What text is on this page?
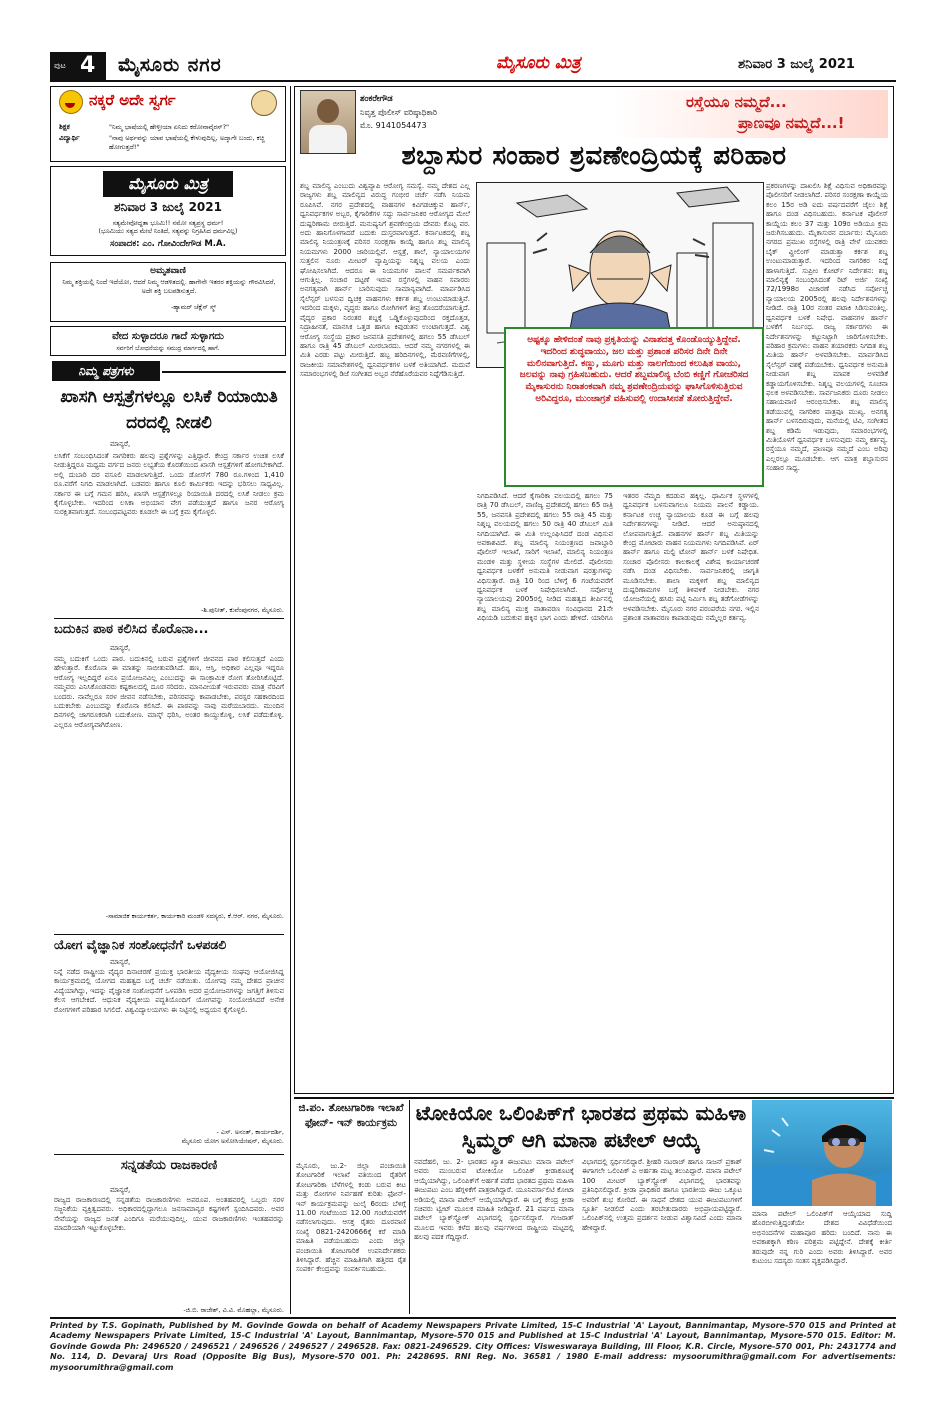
ಪುಟ 4 ಮೈಸೂರು ನಗರ	ಮೈಸೂರು ಮಿತ್ರ	ಶನಿವಾರ 3 ಜುಲೈ 2021
ನಕ್ಕರೆ ಅದೇ ಸ್ವರ್ಗ
ಶಿಕ್ಷಕ	"ನಿಮ್ಮ ಭಾಷೆಯಲ್ಲಿ ಹೇಳ್ತೀಯಾ ಏನಿದು ಕರೋನಾವೈರಸ್?"
ವಿದ್ಯಾರ್ಥಿ	"ನಾವು ಅರ್ಥವನ್ನು ಯಾವ ಭಾಷೆಯಲ್ಲಿ ಕೇಳುವುದಿಲ್ಲ, ಅದ್ಕಾಗೇ ಬಂದು, ಕಚ್ಚಿ ಹೋಗುತ್ತದೆ!"
ಮೈಸೂರು ಮಿತ್ರ
ಶನಿವಾರ 3 ಜುಲೈ 2021
ಸತ್ಯಮೇವೋದ್ಧತಾ ಭೂಮಿ!! ನಮೋ ಸತ್ಯಪ್ರಸ್ಥ ಧರ್ಮ!
(ಭೂಮಿಯು ಸತ್ಯದ ಮೇಲೆ ನಿಂತಿದೆ, ಸತ್ಯವನ್ನು ನಿಗ್ರಹಿಸಿದ ಧರ್ಮವಿಲ್ಲ)
ಸಂಪಾದಕ: ಎಂ. ಗೋವಿಂದೇಗೌಡ M.A.
ಅಮೃತವಾಣಿ
ನಿಮ್ಮ ಶಕ್ತಿಯಲ್ಲಿ ನಿಂದೆ ಇದೆಯೋ, ಆದರೆ ನಿಮ್ಮ ಆಡಳಿತದಲ್ಲಿ. ಹಾಗೇನೇ ಇತರರ ಶಕ್ತಿಯನ್ನು ಗೌರವಿಸಿದರೆ, ಅದೇ ಶಕ್ತಿ ಬಲಪಡಿಸುತ್ತದೆ.
-ಹ್ಯಾಮರ್ ಚೆಕ್ಲೆಸ್ ಸ್ಮ್
ವೇದ ಸುಳ್ಳಾದರೂ ಗಾದೆ ಸುಳ್ಳಾಗದು
ಸರ್ವರಿಗೆ ಬೋಧನೆಯನ್ನು ಸಮುದ್ರ ಮಾರ್ಗದಲ್ಲಿ ಹಾಗೆ.
ನಿಮ್ಮ ಪತ್ರಗಳು
ಖಾಸಗಿ ಆಸ್ಪತ್ರೆಗಳಲ್ಲೂ ಲಸಿಕೆ ರಿಯಾಯಿತಿ ದರದಲ್ಲಿ ನೀಡಲಿ
ಮಾನ್ಯರೆ,
ಲಸಿಕೆಗೆ ಸಂಬಂಧಿಸಿದಂತೆ ನಾಗರಿಕರು ಹಲವು ಪ್ರಶ್ನೆಗಳನ್ನು ಎತ್ತಿದ್ದಾರೆ. ಕೇಂದ್ರ ಸರ್ಕಾರ ಉಚಿತ ಲಸಿಕೆ ನೀಡುತ್ತಿದ್ದರೂ ಮಧ್ಯಮ ವರ್ಗದ ಜನರು ಲಭ್ಯತೆಯ ಕೊರತೆಯಿಂದ ಖಾಸಗಿ ಆಸ್ಪತ್ರೆಗಳಿಗೆ ಹೋಗಬೇಕಾಗಿದೆ. ಅಲ್ಲಿ ದುಬಾರಿ ದರ ವಸೂಲಿ ಮಾಡಲಾಗುತ್ತಿದೆ. ಒಂದು ಡೋಸ್‌ಗೆ 780 ರೂ.ಗಳಿಂದ 1,410 ರೂ.ವರೆಗೆ ನಿಗದಿ ಮಾಡಲಾಗಿದೆ. ಬಡವರು ಹಾಗೂ ಕೂಲಿ ಕಾರ್ಮಿಕರು ಇದನ್ನು ಭರಿಸಲು ಸಾಧ್ಯವಿಲ್ಲ. ಸರ್ಕಾರ ಈ ಬಗ್ಗೆ ಗಮನ ಹರಿಸಿ, ಖಾಸಗಿ ಆಸ್ಪತ್ರೆಗಳಲ್ಲೂ ರಿಯಾಯಿತಿ ದರದಲ್ಲಿ ಲಸಿಕೆ ನೀಡಲು ಕ್ರಮ ಕೈಗೊಳ್ಳಬೇಕು. ಇದರಿಂದ ಲಸಿಕಾ ಅಭಿಯಾನ ವೇಗ ಪಡೆಯುತ್ತದೆ ಹಾಗೂ ಜನರ ಆರೋಗ್ಯ ಸುರಕ್ಷಿತವಾಗುತ್ತದೆ. ಸಂಬಂಧಪಟ್ಟವರು ಕೂಡಲೇ ಈ ಬಗ್ಗೆ ಕ್ರಮ ಕೈಗೊಳ್ಳಲಿ.
-ಶಿ.ಪುನೀತ್, ಕುವೆಂಪುನಗರ, ಮೈಸೂರು.
ಬದುಕಿನ ಪಾಠ ಕಲಿಸಿದ ಕೊರೊನಾ...
ಮಾನ್ಯರೆ,
ನಮ್ಮ ಬದುಕಿಗೆ ಒಂದು ಪಾಠ. ಬದುಕಿನಲ್ಲಿ ಬರುವ ಪ್ರಶ್ನೆಗಳಿಗೆ ಜೀವನದ ಪಾಠ ಕಲಿಸುತ್ತದೆ ಎಂದು ಹೇಳುತ್ತಾರೆ. ಕೊರೊನಾ ಈ ಮಾತನ್ನು ಸಾಬೀತುಪಡಿಸಿದೆ. ಹಣ, ಆಸ್ತಿ, ಅಧಿಕಾರ ಎಲ್ಲವೂ ಇದ್ದರೂ ಆರೋಗ್ಯ ಇಲ್ಲದಿದ್ದರೆ ಏನೂ ಪ್ರಯೋಜನವಿಲ್ಲ ಎಂಬುದನ್ನು ಈ ಸಾಂಕ್ರಾಮಿಕ ರೋಗ ತೋರಿಸಿಕೊಟ್ಟಿದೆ. ನಮ್ಮವರು ಎನಿಸಿಕೊಂಡವರು ಕಷ್ಟಕಾಲದಲ್ಲಿ ದೂರ ಸರಿದರು. ಮಾನವೀಯತೆ ಇರುವವರು ಮಾತ್ರ ನೆರವಿಗೆ ಬಂದರು. ನಾವೆಲ್ಲರೂ ಸರಳ ಜೀವನ ನಡೆಸಬೇಕು, ಪರಿಸರವನ್ನು ಕಾಪಾಡಬೇಕು, ಪರಸ್ಪರ ಸಹಕಾರದಿಂದ ಬದುಕಬೇಕು ಎಂಬುದನ್ನು ಕೊರೊನಾ ಕಲಿಸಿದೆ. ಈ ಪಾಠವನ್ನು ನಾವು ಮರೆಯಬಾರದು. ಮುಂದಿನ ದಿನಗಳಲ್ಲಿ ಜಾಗರೂಕರಾಗಿ ಬದುಕೋಣ. ಮಾಸ್ಕ್ ಧರಿಸಿ, ಅಂತರ ಕಾಯ್ದುಕೊಳ್ಳಿ, ಲಸಿಕೆ ಪಡೆದುಕೊಳ್ಳಿ. ಎಲ್ಲರೂ ಆರೋಗ್ಯವಾಗಿರೋಣ.
-ಸಾಮಾಜಿಕ ಕಾರ್ಯಕರ್ತ, ಕಾರ್ಯಕಾರಿ ಮಂಡಳಿ ಸದಸ್ಯರು, ಕೆ.ಆರ್. ನಗರ, ಮೈಸೂರು.
ಯೋಗ ವೈಜ್ಞಾನಿಕ ಸಂಶೋಧನೆಗೆ ಒಳಪಡಲಿ
ಮಾನ್ಯರೆ,
ನಿನ್ನೆ ನಡೆದ ರಾಷ್ಟ್ರೀಯ ವೈದ್ಯರ ದಿನಾಚರಣೆ ಪ್ರಯುಕ್ತ ಭಾರತೀಯ ವೈದ್ಯಕೀಯ ಸಂಘವು ಆಯೋಜಿಸಿದ್ದ ಕಾರ್ಯಕ್ರಮದಲ್ಲಿ ಯೋಗದ ಮಹತ್ವದ ಬಗ್ಗೆ ಚರ್ಚೆ ನಡೆಯಿತು. ಯೋಗವು ನಮ್ಮ ದೇಶದ ಪ್ರಾಚೀನ ವಿದ್ಯೆಯಾಗಿದ್ದು, ಇದನ್ನು ವೈಜ್ಞಾನಿಕ ಸಂಶೋಧನೆಗೆ ಒಳಪಡಿಸಿ ಅದರ ಪ್ರಯೋಜನಗಳನ್ನು ಜಗತ್ತಿಗೆ ತಿಳಿಸುವ ಕೆಲಸ ಆಗಬೇಕಿದೆ. ಆಧುನಿಕ ವೈದ್ಯಕೀಯ ಪದ್ಧತಿಯೊಂದಿಗೆ ಯೋಗವನ್ನು ಸಂಯೋಜಿಸಿದರೆ ಅನೇಕ ರೋಗಗಳಿಗೆ ಪರಿಹಾರ ಸಿಗಲಿದೆ. ವಿಶ್ವವಿದ್ಯಾಲಯಗಳು ಈ ನಿಟ್ಟಿನಲ್ಲಿ ಅಧ್ಯಯನ ಕೈಗೊಳ್ಳಲಿ.
- ಎಸ್. ಅನಂತ್, ಕಾರ್ಯದರ್ಶಿ,
ಮೈಸೂರು ಯೋಗ ಅಸೋಸಿಯೇಷನ್, ಮೈಸೂರು.
ಸನ್ನಡತೆಯ ರಾಜಕಾರಣಿ
ಮಾನ್ಯರೆ,
ರಾಜ್ಯದ ರಾಜಕಾರಣದಲ್ಲಿ ಸನ್ನಡತೆಯ ರಾಜಕಾರಣಿಗಳು ಅಪರೂಪ. ಅಂತಹವರಲ್ಲಿ ಒಬ್ಬರು ಸರಳ ಸಜ್ಜನಿಕೆಯ ವ್ಯಕ್ತಿತ್ವದವರು. ಅಧಿಕಾರದಲ್ಲಿದ್ದಾಗಲೂ ಜನಸಾಮಾನ್ಯರ ಕಷ್ಟಗಳಿಗೆ ಸ್ಪಂದಿಸಿದವರು. ಅವರ ಸೇವೆಯನ್ನು ರಾಜ್ಯದ ಜನತೆ ಎಂದಿಗೂ ಮರೆಯುವುದಿಲ್ಲ. ಯುವ ರಾಜಕಾರಣಿಗಳು ಇಂತಹವರನ್ನು ಮಾದರಿಯಾಗಿ ಇಟ್ಟುಕೊಳ್ಳಬೇಕು.
-ಜಿ.ಬಿ. ರಾಜೇಶ್, ವಿ.ವಿ. ಮೊಹಲ್ಲಾ, ಮೈಸೂರು.
ಶಂಕರೇಗೌಡ
ನಿವೃತ್ತ ಪೊಲೀಸ್ ವರಿಷ್ಠಾಧಿಕಾರಿ
ಮೊ. 9141054473
ರಸ್ತೆಯೂ ನಮ್ಮದೆ...
ಪ್ರಾಣವೂ ನಮ್ಮದೆ...!
ಶಬ್ದಾಸುರ ಸಂಹಾರ ಶ್ರವಣೇಂದ್ರಿಯಕ್ಕೆ ಪರಿಹಾರ
ಅಷ್ಟಕ್ಕೂ ಹೇಳಿದಂತೆ ನಾವು ಪ್ರಕೃತಿಯನ್ನು ವಿನಾಶದತ್ತ ಕೊಂಡೊಯ್ಯುತ್ತಿದ್ದೇವೆ. ಇದರಿಂದ ಶುದ್ಧವಾಯು, ಜಲ ಮತ್ತು ಪ್ರಶಾಂತ ಪರಿಸರ ದಿನೇ ದಿನೇ ಮಲಿನವಾಗುತ್ತಿದೆ. ಕಣ್ಣು, ಮೂಗು ಮತ್ತು ನಾಲಗೆಯಿಂದ ಕಲುಷಿತ ವಾಯು, ಜಲವನ್ನು ನಾವು ಗ್ರಹಿಸಬಹುದು. ಆದರೆ ಶಬ್ದಮಾಲಿನ್ಯ ಬೆಂಬಿ ಕಣ್ಣಿಗೆ ಗೋಚರಿಸದ ಮೈಕಾಸುರನು ನಿರಾತಂಕವಾಗಿ ನಮ್ಮ ಶ್ರವಣೇಂದ್ರಿಯವನ್ನು ಘಾಸಿಗೊಳಿಸುತ್ತಿರುವ ಅರಿವಿದ್ದರೂ, ಮುಂಜಾಗ್ರತೆ ವಹಿಸುವಲ್ಲಿ ಉದಾಸೀನತೆ ತೋರುತ್ತಿದ್ದೇವೆ.
ಶಬ್ದ ಮಾಲಿನ್ಯ ಎಂಬುದು ವಿಶ್ವವ್ಯಾಪಿ ಆರೋಗ್ಯ ಸಮಸ್ಯೆ. ನಮ್ಮ ದೇಶದ ಎಲ್ಲ ರಾಜ್ಯಗಳು ಶಬ್ದ ಮಾಲಿನ್ಯದ ವಿರುದ್ಧ ಗಂಭೀರ ಚರ್ಚೆ ನಡೆಸಿ ನಿಯಮ ರೂಪಿಸಿವೆ. ನಗರ ಪ್ರದೇಶದಲ್ಲಿ ವಾಹನಗಳ ಕಿವಿಗಡಚಿಕ್ಕುವ ಹಾರ್ನ್, ಧ್ವನಿವರ್ಧಕಗಳ ಅಬ್ಬರ, ಕೈಗಾರಿಕೆಗಳ ಸದ್ದು ಸಾರ್ವಜನಿಕರ ಆರೋಗ್ಯದ ಮೇಲೆ ದುಷ್ಪರಿಣಾಮ ಬೀರುತ್ತಿದೆ. ಮನುಷ್ಯನಿಗೆ ಶ್ರವಣೇಂದ್ರಿಯ ದೇವರು ಕೊಟ್ಟ ವರ. ಅದು ಹಾನಿಗೊಳಗಾದರೆ ಬದುಕು ದುಸ್ತರವಾಗುತ್ತದೆ. ಕರ್ನಾಟಕದಲ್ಲಿ ಶಬ್ದ ಮಾಲಿನ್ಯ ನಿಯಂತ್ರಣಕ್ಕೆ ಪರಿಸರ ಸಂರಕ್ಷಣಾ ಕಾಯ್ದೆ ಹಾಗೂ ಶಬ್ದ ಮಾಲಿನ್ಯ ನಿಯಮಗಳು 2000 ಜಾರಿಯಲ್ಲಿವೆ. ಆಸ್ಪತ್ರೆ, ಶಾಲೆ, ನ್ಯಾಯಾಲಯಗಳ ಸುತ್ತಲಿನ ನೂರು ಮೀಟರ್ ವ್ಯಾಪ್ತಿಯನ್ನು ನಿಶ್ಶಬ್ದ ವಲಯ ಎಂದು ಘೋಷಿಸಲಾಗಿದೆ. ಆದರೂ ಈ ನಿಯಮಗಳ ಪಾಲನೆ ಸಮರ್ಪಕವಾಗಿ ಆಗುತ್ತಿಲ್ಲ. ಸಂಚಾರ ದಟ್ಟಣೆ ಇರುವ ರಸ್ತೆಗಳಲ್ಲಿ ವಾಹನ ಸವಾರರು ಅನಗತ್ಯವಾಗಿ ಹಾರ್ನ್ ಬಾರಿಸುವುದು ಸಾಮಾನ್ಯವಾಗಿದೆ. ಮಾರ್ಪಡಿಸಿದ ಸೈಲೆನ್ಸರ್ ಬಳಸುವ ದ್ವಿಚಕ್ರ ವಾಹನಗಳು ಕರ್ಕಶ ಶಬ್ದ ಉಂಟುಮಾಡುತ್ತಿವೆ. ಇದರಿಂದ ಮಕ್ಕಳು, ವೃದ್ಧರು ಹಾಗೂ ರೋಗಿಗಳಿಗೆ ತೀವ್ರ ತೊಂದರೆಯಾಗುತ್ತಿದೆ. ವೈದ್ಯರ ಪ್ರಕಾರ ನಿರಂತರ ಶಬ್ದಕ್ಕೆ ಒಡ್ಡಿಕೊಳ್ಳುವುದರಿಂದ ರಕ್ತದೊತ್ತಡ, ನಿದ್ರಾಹೀನತೆ, ಮಾನಸಿಕ ಒತ್ತಡ ಹಾಗೂ ಕಿವುಡುತನ ಉಂಟಾಗುತ್ತದೆ. ವಿಶ್ವ ಆರೋಗ್ಯ ಸಂಸ್ಥೆಯ ಪ್ರಕಾರ ಜನವಸತಿ ಪ್ರದೇಶಗಳಲ್ಲಿ ಹಗಲು 55 ಡೆಸಿಬಲ್ ಹಾಗೂ ರಾತ್ರಿ 45 ಡೆಸಿಬಲ್ ಮೀರಬಾರದು. ಆದರೆ ನಮ್ಮ ನಗರಗಳಲ್ಲಿ ಈ ಮಿತಿ ಎರಡು ಪಟ್ಟು ಮೀರುತ್ತಿದೆ. ಹಬ್ಬ ಹರಿದಿನಗಳಲ್ಲಿ, ಮೆರವಣಿಗೆಗಳಲ್ಲಿ, ರಾಜಕೀಯ ಸಮಾವೇಶಗಳಲ್ಲಿ ಧ್ವನಿವರ್ಧಕಗಳ ಬಳಕೆ ಅತಿಯಾಗಿದೆ. ಮದುವೆ ಸಮಾರಂಭಗಳಲ್ಲಿ ಡಿಜೆ ಸಂಗೀತದ ಅಬ್ಬರ ನೆರೆಹೊರೆಯವರ ನಿದ್ದೆಗೆಡಿಸುತ್ತಿದೆ.
ನಿಗದಿಪಡಿಸಿದೆ. ಆದರೆ ಕೈಗಾರಿಕಾ ವಲಯದಲ್ಲಿ ಹಗಲು 75 ರಾತ್ರಿ 70 ಡೆಸಿಬಲ್, ವಾಣಿಜ್ಯ ಪ್ರದೇಶದಲ್ಲಿ ಹಗಲು 65 ರಾತ್ರಿ 55, ಜನವಸತಿ ಪ್ರದೇಶದಲ್ಲಿ ಹಗಲು 55 ರಾತ್ರಿ 45 ಮತ್ತು ನಿಶ್ಶಬ್ದ ವಲಯದಲ್ಲಿ ಹಗಲು 50 ರಾತ್ರಿ 40 ಡೆಸಿಬಲ್ ಮಿತಿ ನಿಗದಿಯಾಗಿದೆ. ಈ ಮಿತಿ ಉಲ್ಲಂಘಿಸಿದರೆ ದಂಡ ವಿಧಿಸುವ ಅವಕಾಶವಿದೆ. ಶಬ್ದ ಮಾಲಿನ್ಯ ನಿಯಂತ್ರಣದ ಜವಾಬ್ದಾರಿ ಪೊಲೀಸ್ ಇಲಾಖೆ, ಸಾರಿಗೆ ಇಲಾಖೆ, ಮಾಲಿನ್ಯ ನಿಯಂತ್ರಣ ಮಂಡಳಿ ಮತ್ತು ಸ್ಥಳೀಯ ಸಂಸ್ಥೆಗಳ ಮೇಲಿದೆ. ಪೊಲೀಸರು ಧ್ವನಿವರ್ಧಕ ಬಳಕೆಗೆ ಅನುಮತಿ ನೀಡುವಾಗ ಷರತ್ತುಗಳನ್ನು ವಿಧಿಸುತ್ತಾರೆ. ರಾತ್ರಿ 10 ರಿಂದ ಬೆಳಿಗ್ಗೆ 6 ಗಂಟೆಯವರೆಗೆ ಧ್ವನಿವರ್ಧಕ ಬಳಕೆ ನಿಷೇಧಿಸಲಾಗಿದೆ. ಸರ್ವೋಚ್ಚ ನ್ಯಾಯಾಲಯವು 2005ರಲ್ಲಿ ನೀಡಿದ ಮಹತ್ವದ ತೀರ್ಪಿನಲ್ಲಿ ಶಬ್ದ ಮಾಲಿನ್ಯ ಮುಕ್ತ ವಾತಾವರಣ ಸಂವಿಧಾನದ 21ನೇ ವಿಧಿಯಡಿ ಬದುಕುವ ಹಕ್ಕಿನ ಭಾಗ ಎಂದು ಹೇಳಿದೆ. ಯಾರಿಗೂ ಇತರರ ನೆಮ್ಮದಿ ಕದಡುವ ಹಕ್ಕಿಲ್ಲ. ಧಾರ್ಮಿಕ ಸ್ಥಳಗಳಲ್ಲಿ ಧ್ವನಿವರ್ಧಕ ಬಳಸುವಾಗಲೂ ನಿಯಮ ಪಾಲನೆ ಕಡ್ಡಾಯ. ಕರ್ನಾಟಕ ಉಚ್ಚ ನ್ಯಾಯಾಲಯ ಕೂಡ ಈ ಬಗ್ಗೆ ಹಲವು ನಿರ್ದೇಶನಗಳನ್ನು ನೀಡಿದೆ. ಆದರೆ ಅನುಷ್ಠಾನದಲ್ಲಿ ಲೋಪವಾಗುತ್ತಿದೆ. ವಾಹನಗಳ ಹಾರ್ನ್ ಶಬ್ದ ಮಿತಿಯನ್ನು ಕೇಂದ್ರ ಮೋಟಾರು ವಾಹನ ನಿಯಮಗಳು ನಿಗದಿಪಡಿಸಿವೆ. ಏರ್ ಹಾರ್ನ್ ಹಾಗೂ ಮಲ್ಟಿ ಟೋನ್ ಹಾರ್ನ್ ಬಳಕೆ ನಿಷೇಧಿತ. ಸಂಚಾರ ಪೊಲೀಸರು ಕಾಲಕಾಲಕ್ಕೆ ವಿಶೇಷ ಕಾರ್ಯಾಚರಣೆ ನಡೆಸಿ ದಂಡ ವಿಧಿಸಬೇಕು. ಸಾರ್ವಜನಿಕರಲ್ಲಿ ಜಾಗೃತಿ ಮೂಡಿಸಬೇಕು. ಶಾಲಾ ಮಕ್ಕಳಿಗೆ ಶಬ್ದ ಮಾಲಿನ್ಯದ ದುಷ್ಪರಿಣಾಮಗಳ ಬಗ್ಗೆ ತಿಳಿವಳಿಕೆ ನೀಡಬೇಕು. ನಗರ ಯೋಜನೆಯಲ್ಲಿ ಹಸಿರು ಪಟ್ಟಿ ನಿರ್ಮಿಸಿ ಶಬ್ದ ತಡೆಗೋಡೆಗಳನ್ನು ಅಳವಡಿಸಬೇಕು. ಮೈಸೂರು ನಗರ ಪರಂಪರೆಯ ನಗರ. ಇಲ್ಲಿನ ಪ್ರಶಾಂತ ವಾತಾವರಣ ಕಾಪಾಡುವುದು ನಮ್ಮೆಲ್ಲರ ಕರ್ತವ್ಯ.
ಪ್ರಕರಣಗಳನ್ನು ದಾಖಲಿಸಿ ಶಿಕ್ಷೆ ವಿಧಿಸುವ ಅಧಿಕಾರವನ್ನು ಪೊಲೀಸರಿಗೆ ನೀಡಲಾಗಿದೆ. ಪರಿಸರ ಸಂರಕ್ಷಣಾ ಕಾಯ್ದೆಯ ಕಲಂ 15ರ ಅಡಿ ಐದು ವರ್ಷದವರೆಗೆ ಜೈಲು ಶಿಕ್ಷೆ ಹಾಗೂ ದಂಡ ವಿಧಿಸಬಹುದು. ಕರ್ನಾಟಕ ಪೊಲೀಸ್ ಕಾಯ್ದೆಯ ಕಲಂ 37 ಮತ್ತು 109ರ ಅಡಿಯೂ ಕ್ರಮ ಜರುಗಿಸಬಹುದು. ಮೈಕಾಸುರನ ದರ್ಬಾರು: ಮೈಸೂರು ನಗರದ ಪ್ರಮುಖ ರಸ್ತೆಗಳಲ್ಲಿ ರಾತ್ರಿ ವೇಳೆ ಯುವಕರು ಬೈಕ್ ವ್ಹೀಲಿಂಗ್ ಮಾಡುತ್ತಾ ಕರ್ಕಶ ಶಬ್ದ ಉಂಟುಮಾಡುತ್ತಾರೆ. ಇದರಿಂದ ನಾಗರಿಕರ ನಿದ್ದೆ ಹಾಳಾಗುತ್ತಿದೆ. ಸುಪ್ರೀಂ ಕೋರ್ಟ್ ನಿರ್ದೇಶನ: ಶಬ್ದ ಮಾಲಿನ್ಯಕ್ಕೆ ಸಂಬಂಧಿಸಿದಂತೆ ರಿಟ್ ಅರ್ಜಿ ಸಂಖ್ಯೆ 72/1998ರ ವಿಚಾರಣೆ ನಡೆಸಿದ ಸರ್ವೋಚ್ಚ ನ್ಯಾಯಾಲಯ 2005ರಲ್ಲಿ ಹಲವು ನಿರ್ದೇಶನಗಳನ್ನು ನೀಡಿದೆ. ರಾತ್ರಿ 10ರ ನಂತರ ಪಟಾಕಿ ಸಿಡಿಸುವಂತಿಲ್ಲ. ಧ್ವನಿವರ್ಧಕ ಬಳಕೆ ನಿಷೇಧ. ವಾಹನಗಳ ಹಾರ್ನ್ ಬಳಕೆಗೆ ನಿರ್ಬಂಧ. ರಾಜ್ಯ ಸರ್ಕಾರಗಳು ಈ ನಿರ್ದೇಶನಗಳನ್ನು ಕಟ್ಟುನಿಟ್ಟಾಗಿ ಜಾರಿಗೊಳಿಸಬೇಕು. ಪರಿಹಾರ ಕ್ರಮಗಳು: ವಾಹನ ತಯಾರಕರು ನಿಗದಿತ ಶಬ್ದ ಮಿತಿಯ ಹಾರ್ನ್ ಅಳವಡಿಸಬೇಕು. ಮಾರ್ಪಡಿಸಿದ ಸೈಲೆನ್ಸರ್ ವಶಕ್ಕೆ ಪಡೆಯಬೇಕು. ಧ್ವನಿವರ್ಧಕ ಅನುಮತಿ ನೀಡುವಾಗ ಶಬ್ದ ಮಾಪಕ ಅಳವಡಿಕೆ ಕಡ್ಡಾಯಗೊಳಿಸಬೇಕು. ನಿಶ್ಶಬ್ದ ವಲಯಗಳಲ್ಲಿ ಸೂಚನಾ ಫಲಕ ಅಳವಡಿಸಬೇಕು. ಸಾರ್ವಜನಿಕರು ದೂರು ನೀಡಲು ಸಹಾಯವಾಣಿ ಆರಂಭಿಸಬೇಕು. ಶಬ್ದ ಮಾಲಿನ್ಯ ತಡೆಯುವಲ್ಲಿ ನಾಗರಿಕರ ಪಾತ್ರವೂ ಮುಖ್ಯ. ಅನಗತ್ಯ ಹಾರ್ನ್ ಬಳಸದಿರುವುದು, ಮನೆಯಲ್ಲಿ ಟಿವಿ, ಸಂಗೀತದ ಶಬ್ದ ಕಡಿಮೆ ಇಡುವುದು, ಸಮಾರಂಭಗಳಲ್ಲಿ ಮಿತಿಯೊಳಗೆ ಧ್ವನಿವರ್ಧಕ ಬಳಸುವುದು ನಮ್ಮ ಕರ್ತವ್ಯ. ರಸ್ತೆಯೂ ನಮ್ಮದೆ, ಪ್ರಾಣವೂ ನಮ್ಮದೆ ಎಂಬ ಅರಿವು ಎಲ್ಲರಲ್ಲೂ ಮೂಡಬೇಕು. ಆಗ ಮಾತ್ರ ಶಬ್ದಾಸುರನ ಸಂಹಾರ ಸಾಧ್ಯ.
ಜಿ.ಪಂ. ತೋಟಗಾರಿಕಾ ಇಲಾಖೆ ಫೋನ್- ಇನ್ ಕಾರ್ಯಕ್ರಮ
ಮೈಸೂರು, ಜು.2- ಜಿಲ್ಲಾ ಪಂಚಾಯಿತಿ ತೋಟಗಾರಿಕೆ ಇಲಾಖೆ ವತಿಯಿಂದ ರೈತರಿಗೆ ತೋಟಗಾರಿಕಾ ಬೆಳೆಗಳಲ್ಲಿ ಕಂಡು ಬರುವ ಕೀಟ ಮತ್ತು ರೋಗಗಳ ನಿರ್ವಹಣೆ ಕುರಿತು ಫೋನ್-ಇನ್ ಕಾರ್ಯಕ್ರಮವನ್ನು ಜುಲೈ 6ರಂದು ಬೆಳಿಗ್ಗೆ 11.00 ಗಂಟೆಯಿಂದ 12.00 ಗಂಟೆಯವರೆಗೆ ನಡೆಸಲಾಗುವುದು. ಆಸಕ್ತ ರೈತರು ದೂರವಾಣಿ ಸಂಖ್ಯೆ 0821-2420666ಕ್ಕೆ ಕರೆ ಮಾಡಿ ಮಾಹಿತಿ ಪಡೆಯಬಹುದು ಎಂದು ಜಿಲ್ಲಾ ಪಂಚಾಯಿತಿ ತೋಟಗಾರಿಕೆ ಉಪನಿರ್ದೇಶಕರು ತಿಳಿಸಿದ್ದಾರೆ. ಹೆಚ್ಚಿನ ಮಾಹಿತಿಗಾಗಿ ಹತ್ತಿರದ ರೈತ ಸಂಪರ್ಕ ಕೇಂದ್ರವನ್ನು ಸಂಪರ್ಕಿಸಬಹುದು.
ಟೋಕಿಯೋ ಒಲಿಂಪಿಕ್‌ಗೆ ಭಾರತದ ಪ್ರಥಮ ಮಹಿಳಾ ಸ್ವಿಮ್ಮರ್ ಆಗಿ ಮಾನಾ ಪಟೇಲ್ ಆಯ್ಕೆ
ನವದೆಹಲಿ, ಜು. 2- ಭಾರತದ ಖ್ಯಾತ ಈಜುಪಟು ಮಾನಾ ಪಟೇಲ್ ಅವರು ಮುಂಬರುವ ಟೋಕಿಯೋ ಒಲಿಂಪಿಕ್ ಕ್ರೀಡಾಕೂಟಕ್ಕೆ ಆಯ್ಕೆಯಾಗಿದ್ದು, ಒಲಿಂಪಿಕ್‌ಗೆ ಅರ್ಹತೆ ಪಡೆದ ಭಾರತದ ಪ್ರಥಮ ಮಹಿಳಾ ಈಜುಪಟು ಎಂಬ ಹೆಗ್ಗಳಿಕೆಗೆ ಪಾತ್ರರಾಗಿದ್ದಾರೆ. ಯೂನಿವರ್ಸಾಲಿಟಿ ಕೋಟಾ ಅಡಿಯಲ್ಲಿ ಮಾನಾ ಪಟೇಲ್ ಆಯ್ಕೆಯಾಗಿದ್ದಾರೆ. ಈ ಬಗ್ಗೆ ಕೇಂದ್ರ ಕ್ರೀಡಾ ಸಚಿವರು ಟ್ವೀಟ್ ಮೂಲಕ ಮಾಹಿತಿ ನೀಡಿದ್ದಾರೆ. 21 ವರ್ಷದ ಮಾನಾ ಪಟೇಲ್ ಬ್ಯಾಕ್‌ಸ್ಟ್ರೋಕ್ ವಿಭಾಗದಲ್ಲಿ ಸ್ಪರ್ಧಿಸಲಿದ್ದಾರೆ. ಗುಜರಾತ್ ಮೂಲದ ಇವರು ಕಳೆದ ಹಲವು ವರ್ಷಗಳಿಂದ ರಾಷ್ಟ್ರೀಯ ಮಟ್ಟದಲ್ಲಿ ಹಲವು ಪದಕ ಗೆದ್ದಿದ್ದಾರೆ.
ವಿಭಾಗದಲ್ಲಿ ಸ್ಪರ್ಧಿಸಲಿದ್ದಾರೆ. ಶ್ರೀಹರಿ ನಟರಾಜ್ ಹಾಗೂ ಸಾಜನ್ ಪ್ರಕಾಶ್ ಈಗಾಗಲೇ ಒಲಿಂಪಿಕ್ ಎ ಅರ್ಹತಾ ಮಟ್ಟ ತಲುಪಿದ್ದಾರೆ. ಮಾನಾ ಪಟೇಲ್ 100 ಮೀಟರ್ ಬ್ಯಾಕ್‌ಸ್ಟ್ರೋಕ್ ವಿಭಾಗದಲ್ಲಿ ಭಾರತವನ್ನು ಪ್ರತಿನಿಧಿಸಲಿದ್ದಾರೆ. ಕ್ರೀಡಾ ಪ್ರಾಧಿಕಾರ ಹಾಗೂ ಭಾರತೀಯ ಈಜು ಒಕ್ಕೂಟ ಅವರಿಗೆ ಶುಭ ಕೋರಿದೆ. ಈ ಸಾಧನೆ ದೇಶದ ಯುವ ಈಜುಪಟುಗಳಿಗೆ ಸ್ಫೂರ್ತಿ ನೀಡಲಿದೆ ಎಂದು ತರಬೇತುದಾರರು ಅಭಿಪ್ರಾಯಪಟ್ಟಿದ್ದಾರೆ. ಒಲಿಂಪಿಕ್‌ನಲ್ಲಿ ಉತ್ತಮ ಪ್ರದರ್ಶನ ನೀಡುವ ವಿಶ್ವಾಸವಿದೆ ಎಂದು ಮಾನಾ ಹೇಳಿದ್ದಾರೆ.
ಮಾನಾ ಪಟೇಲ್ ಒಲಿಂಪಿಕ್‌ಗೆ ಆಯ್ಕೆಯಾದ ಸುದ್ದಿ ಹೊರಬೀಳುತ್ತಿದ್ದಂತೆಯೇ ದೇಶದ ವಿವಿಧೆಡೆಯಿಂದ ಅಭಿನಂದನೆಗಳ ಮಹಾಪೂರ ಹರಿದು ಬಂದಿದೆ. ನಾನು ಈ ಅವಕಾಶಕ್ಕಾಗಿ ಕಠಿಣ ಪರಿಶ್ರಮ ಪಟ್ಟಿದ್ದೇನೆ. ದೇಶಕ್ಕೆ ಕೀರ್ತಿ ತರುವುದೇ ನನ್ನ ಗುರಿ ಎಂದು ಅವರು ತಿಳಿಸಿದ್ದಾರೆ. ಅವರ ಕುಟುಂಬ ಸದಸ್ಯರು ಸಂತಸ ವ್ಯಕ್ತಪಡಿಸಿದ್ದಾರೆ.
Printed by T.S. Gopinath, Published by M. Govinde Gowda on behalf of Academy Newspapers Private Limited, 15-C Industrial 'A' Layout, Bannimantap, Mysore-570 015 and Printed at Academy Newspapers Private Limited, 15-C Industrial 'A' Layout, Bannimantap, Mysore-570 015 and Published at 15-C Industrial 'A' Layout, Bannimantap, Mysore-570 015. Editor: M. Govinde Gowda Ph: 2496520 / 2496521 / 2496526 / 2496527 / 2496528. Fax: 0821-2496529. City Offices: Visweswaraya Building, III Floor, K.R. Circle, Mysore-570 001, Ph: 2431774 and No. 114, D. Devaraj Urs Road (Opposite Big Bus), Mysore-570 001. Ph: 2428695. RNI Reg. No. 36581 / 1980 E-mail address: mysoorumithra@gmail.com For advertisements: mysoorumithra@gmail.com
